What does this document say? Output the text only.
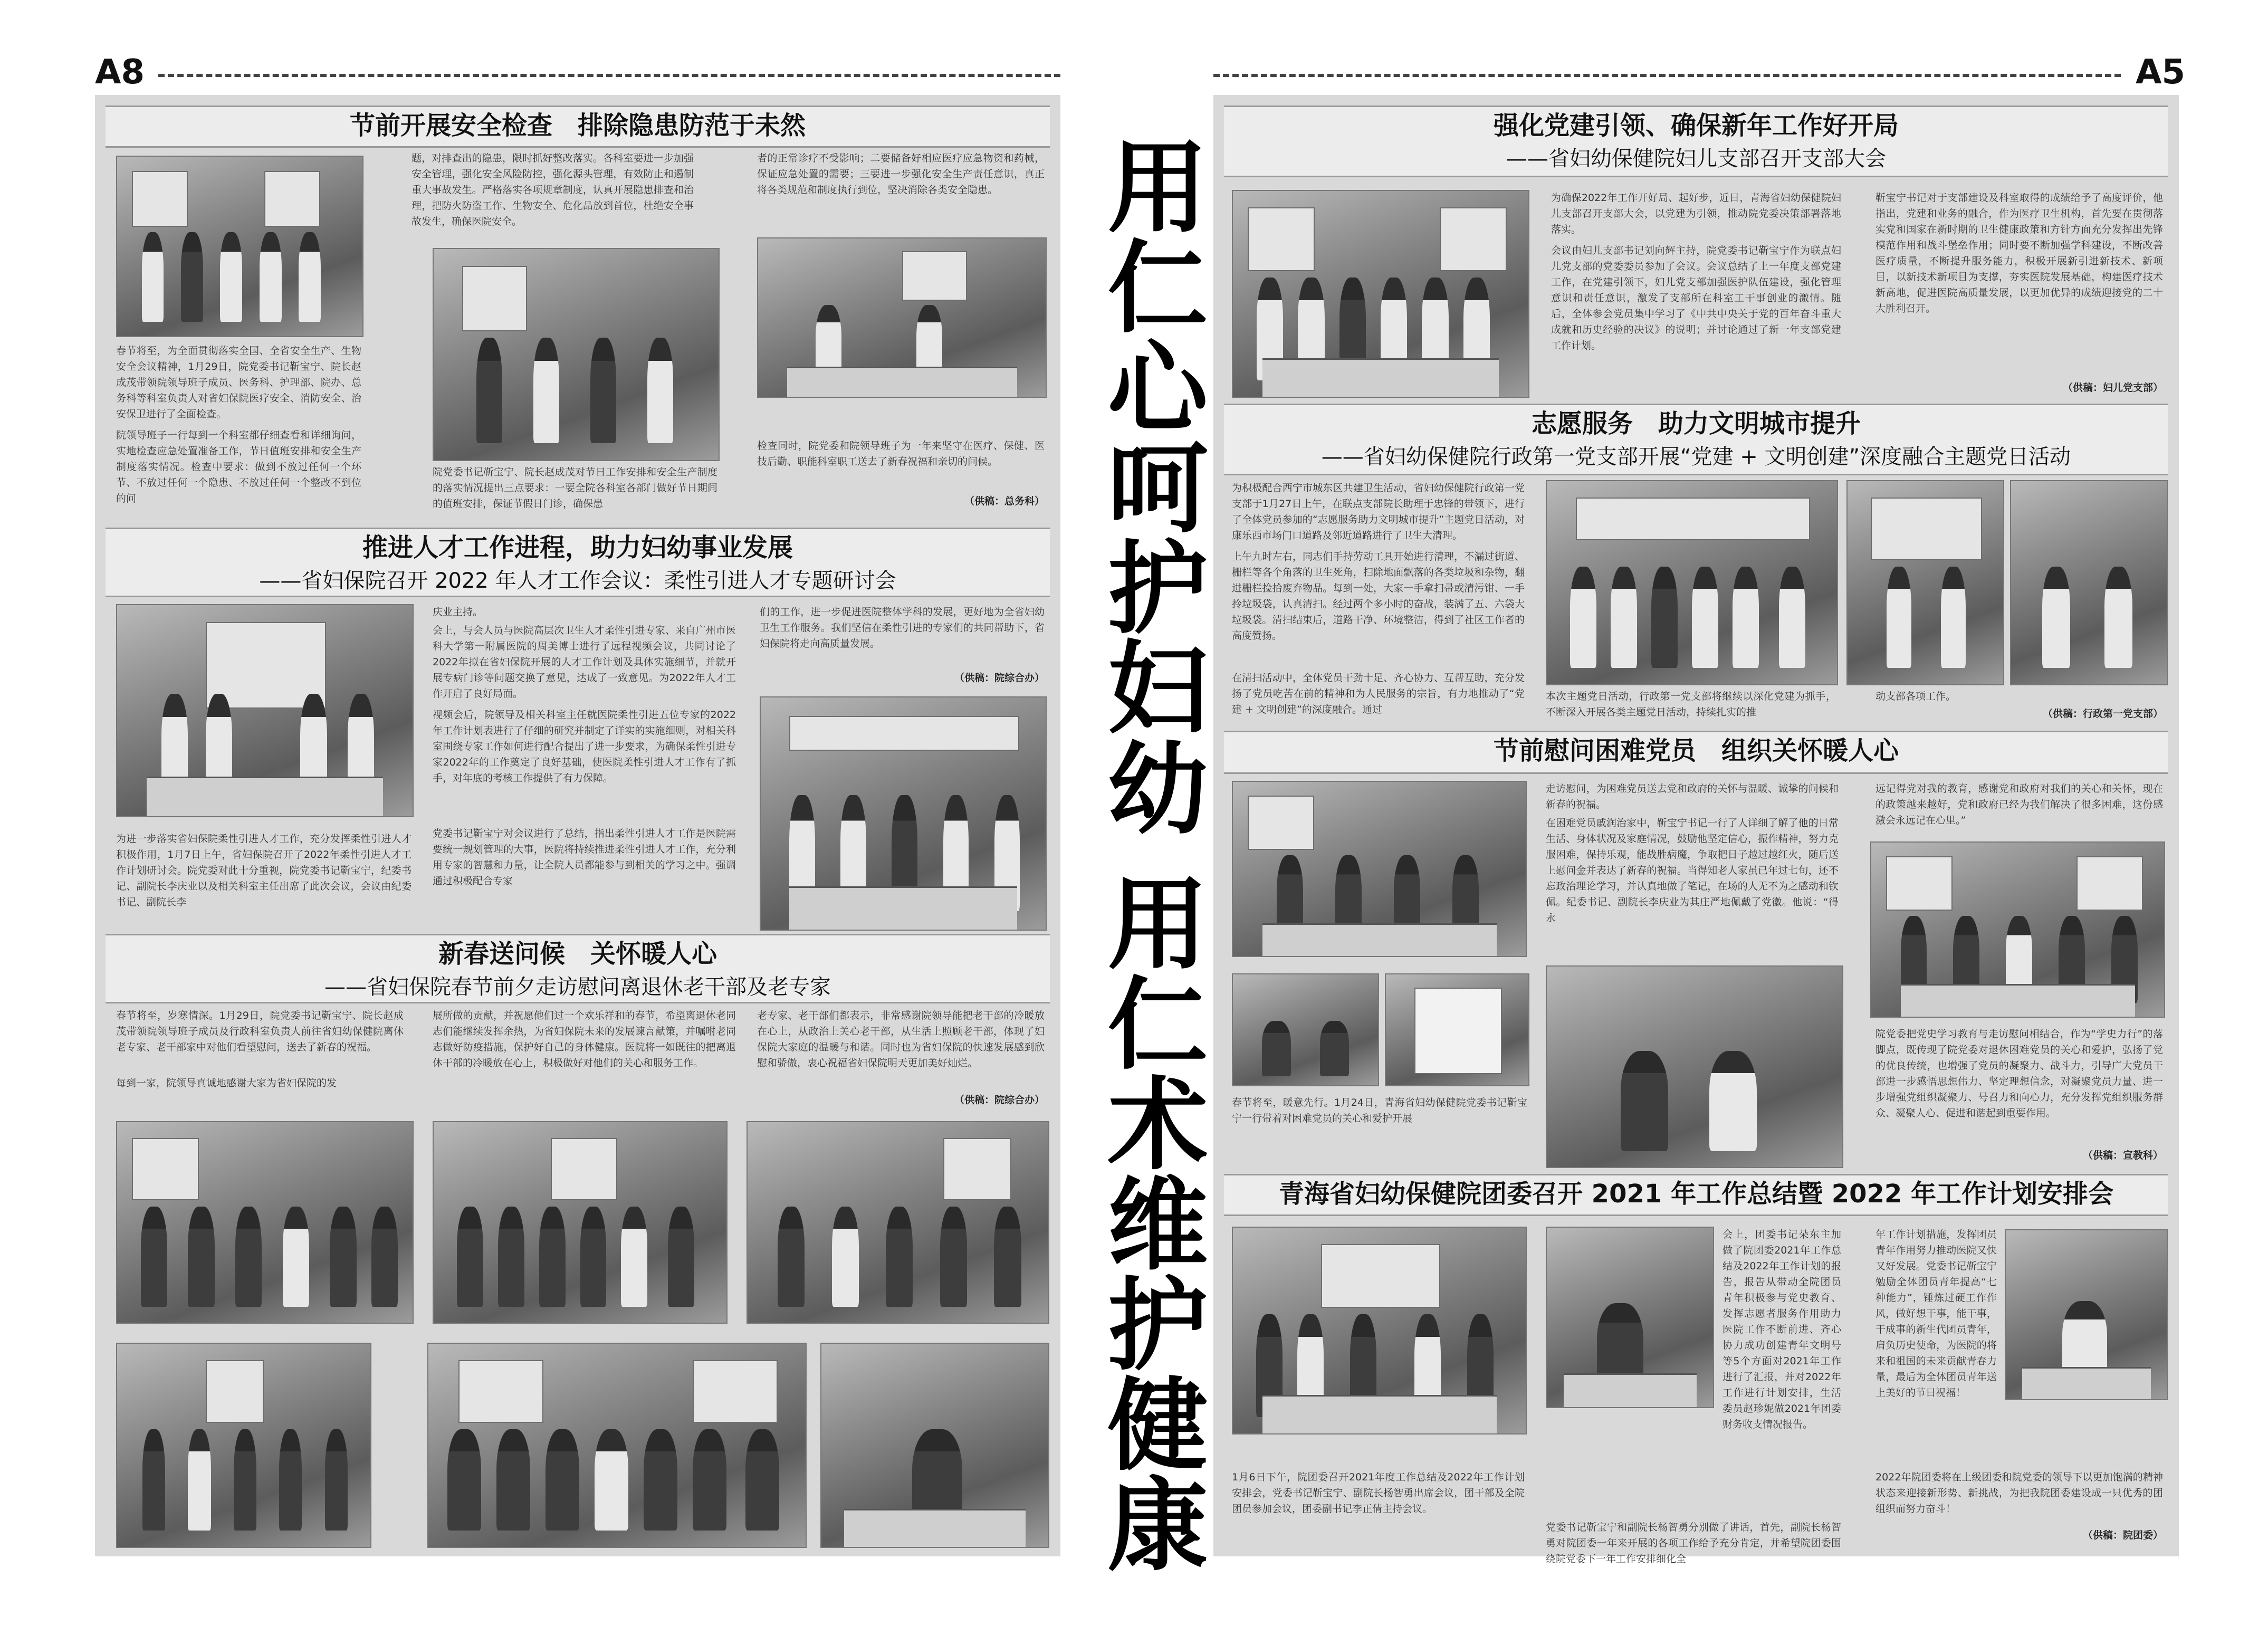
A8	A5
节前开展安全检查　排除隐患防范于未然
春节将至，为全面贯彻落实全国、全省安全生产、生物安全会议精神，1月29日，院党委书记靳宝宁、院长赵成茂带领院领导班子成员、医务科、护理部、院办、总务科等科室负责人对省妇保院医疗安全、消防安全、治安保卫进行了全面检查。
院领导班子一行每到一个科室都仔细查看和详细询问，实地检查应急处置准备工作，节日值班安排和安全生产制度落实情况。检查中要求：做到不放过任何一个环节、不放过任何一个隐患、不放过任何一个整改不到位的问
题，对排查出的隐患，限时抓好整改落实。各科室要进一步加强安全管理，强化安全风险防控，强化源头管理，有效防止和遏制重大事故发生。严格落实各项规章制度，认真开展隐患排查和治理，把防火防盗工作、生物安全、危化品放到首位，杜绝安全事故发生，确保医院安全。
院党委书记靳宝宁、院长赵成茂对节日工作安排和安全生产制度的落实情况提出三点要求：一要全院各科室各部门做好节日期间的值班安排，保证节假日门诊，确保患
者的正常诊疗不受影响；二要储备好相应医疗应急物资和药械，保证应急处置的需要；三要进一步强化安全生产责任意识，真正将各类规范和制度执行到位，坚决消除各类安全隐患。
检查同时，院党委和院领导班子为一年来坚守在医疗、保健、医技后勤、职能科室职工送去了新春祝福和亲切的问候。
（供稿：总务科）
推进人才工作进程，助力妇幼事业发展
——省妇保院召开 2022 年人才工作会议：柔性引进人才专题研讨会
为进一步落实省妇保院柔性引进人才工作，充分发挥柔性引进人才积极作用，1月7日上午，省妇保院召开了2022年柔性引进人才工作计划研讨会。院党委对此十分重视，院党委书记靳宝宁，纪委书记、副院长李庆业以及相关科室主任出席了此次会议，会议由纪委书记、副院长李
庆业主持。
会上，与会人员与医院高层次卫生人才柔性引进专家、来自广州市医科大学第一附属医院的周美博士进行了远程视频会议，共同讨论了2022年拟在省妇保院开展的人才工作计划及具体实施细节，并就开展专病门诊等问题交换了意见，达成了一致意见。为2022年人才工作开启了良好局面。
视频会后，院领导及相关科室主任就医院柔性引进五位专家的2022年工作计划表进行了仔细的研究并制定了详实的实施细则，对相关科室围绕专家工作如何进行配合提出了进一步要求，为确保柔性引进专家2022年的工作奠定了良好基础，使医院柔性引进人才工作有了抓手，对年底的考核工作提供了有力保障。
党委书记靳宝宁对会议进行了总结，指出柔性引进人才工作是医院需要统一规划管理的大事，医院将持续推进柔性引进人才工作，充分利用专家的智慧和力量，让全院人员都能参与到相关的学习之中。强调通过积极配合专家
们的工作，进一步促进医院整体学科的发展，更好地为全省妇幼卫生工作服务。我们坚信在柔性引进的专家们的共同帮助下，省妇保院将走向高质量发展。
（供稿：院综合办）
新春送问候　关怀暖人心
——省妇保院春节前夕走访慰问离退休老干部及老专家
春节将至，岁寒情深。1月29日，院党委书记靳宝宁、院长赵成茂带领院领导班子成员及行政科室负责人前往省妇幼保健院离休老专家、老干部家中对他们看望慰问，送去了新春的祝福。
每到一家，院领导真诚地感谢大家为省妇保院的发
展所做的贡献，并祝愿他们过一个欢乐祥和的春节，希望离退休老同志们能继续发挥余热，为省妇保院未来的发展谏言献策，并嘱咐老同志做好防疫措施，保护好自己的身体健康。医院将一如既往的把离退休干部的冷暖放在心上，积极做好对他们的关心和服务工作。
老专家、老干部们都表示，非常感谢院领导能把老干部的冷暖放在心上，从政治上关心老干部，从生活上照顾老干部，体现了妇保院大家庭的温暖与和谐。同时也为省妇保院的快速发展感到欣慰和骄傲，衷心祝福省妇保院明天更加美好灿烂。
（供稿：院综合办） 用仁心呵护妇幼 用仁术维护健康
强化党建引领、确保新年工作好开局
——省妇幼保健院妇儿支部召开支部大会
为确保2022年工作开好局、起好步，近日，青海省妇幼保健院妇儿支部召开支部大会，以党建为引领，推动院党委决策部署落地落实。
会议由妇儿支部书记刘向辉主持，院党委书记靳宝宁作为联点妇儿党支部的党委委员参加了会议。会议总结了上一年度支部党建工作，在党建引领下，妇儿党支部加强医护队伍建设，强化管理意识和责任意识，激发了支部所在科室工干事创业的激情。随后，全体参会党员集中学习了《中共中央关于党的百年奋斗重大成就和历史经验的决议》的说明；并讨论通过了新一年支部党建工作计划。
靳宝宁书记对于支部建设及科室取得的成绩给予了高度评价，他指出，党建和业务的融合，作为医疗卫生机构，首先要在贯彻落实党和国家在新时期的卫生健康政策和方针方面充分发挥出先锋模范作用和战斗堡垒作用；同时要不断加强学科建设，不断改善医疗质量，不断提升服务能力，积极开展新引进新技术、新项目，以新技术新项目为支撑，夯实医院发展基础，构建医疗技术新高地，促进医院高质量发展，以更加优异的成绩迎接党的二十大胜利召开。
（供稿：妇儿党支部）
志愿服务　助力文明城市提升
——省妇幼保健院行政第一党支部开展“党建 + 文明创建”深度融合主题党日活动
为积极配合西宁市城东区共建卫生活动，省妇幼保健院行政第一党支部于1月27日上午，在联点支部院长助理于忠锋的带领下，进行了全体党员参加的“志愿服务助力文明城市提升”主题党日活动，对康乐西市场门口道路及邻近道路进行了卫生大清理。
上午九时左右，同志们手持劳动工具开始进行清理，不漏过街道、栅栏等各个角落的卫生死角，扫除地面飘落的各类垃圾和杂物，翻进栅栏捡拾废弃物品。每到一处，大家一手拿扫帚或清污钳、一手拎垃圾袋，认真清扫。经过两个多小时的奋战，装满了五、六袋大垃圾袋。清扫结束后，道路干净、环境整洁，得到了社区工作者的高度赞扬。
在清扫活动中，全体党员干劲十足、齐心协力、互帮互助，充分发扬了党员吃苦在前的精神和为人民服务的宗旨，有力地推动了“党建 + 文明创建”的深度融合。通过
本次主题党日活动，行政第一党支部将继续以深化党建为抓手，不断深入开展各类主题党日活动，持续扎实的推
动支部各项工作。
（供稿：行政第一党支部）
节前慰问困难党员　组织关怀暖人心
走访慰问，为困难党员送去党和政府的关怀与温暖、诚挚的问候和新春的祝福。
在困难党员戚润治家中，靳宝宁书记一行了人详细了解了他的日常生活、身体状况及家庭情况，鼓励他坚定信心，振作精神，努力克服困难，保持乐观，能战胜病魔，争取把日子越过越红火，随后送上慰问金并表达了新春的祝福。当得知老人家虽已年过七旬，还不忘政治理论学习，并认真地做了笔记，在场的人无不为之感动和钦佩。纪委书记、副院长李庆业为其庄严地佩戴了党徽。他说：“得永
远记得党对我的教育，感谢党和政府对我们的关心和关怀，现在的政策越来越好，党和政府已经为我们解决了很多困难，这份感激会永远记在心里。”
春节将至，暖意先行。1月24日，青海省妇幼保健院党委书记靳宝宁一行带着对困难党员的关心和爱护开展
院党委把党史学习教育与走访慰问相结合，作为“学史力行”的落脚点，既传现了院党委对退休困难党员的关心和爱护，弘扬了党的优良传统，也增强了党员的凝聚力、战斗力，引导广大党员干部进一步感悟思想伟力、坚定理想信念，对凝聚党员力量、进一步增强党组织凝聚力、号召力和向心力，充分发挥党组织服务群众、凝聚人心、促进和谐起到重要作用。
（供稿：宣教科）
青海省妇幼保健院团委召开 2021 年工作总结暨 2022 年工作计划安排会
1月6日下午，院团委召开2021年度工作总结及2022年工作计划安排会，党委书记靳宝宁、副院长杨智勇出席会议，团干部及全院团员参加会议，团委副书记李正倩主持会议。
会上，团委书记朵东主加做了院团委2021年工作总结及2022年工作计划的报告，报告从带动全院团员青年积极参与党史教育、发挥志愿者服务作用助力医院工作不断前进、齐心协力成功创建青年文明号等5个方面对2021年工作进行了汇报，并对2022年工作进行计划安排，生活委员赵珍妮做2021年团委财务收支情况报告。
党委书记靳宝宁和副院长杨智勇分别做了讲话，首先，副院长杨智勇对院团委一年来开展的各项工作给予充分肯定，并希望院团委围绕院党委下一年工作安排细化全
年工作计划措施，发挥团员青年作用努力推动医院又快又好发展。党委书记靳宝宁勉励全体团员青年提高“七种能力”，锤炼过硬工作作风，做好想干事，能干事，干成事的新生代团员青年，肩负历史使命，为医院的将来和祖国的未来贡献青春力量，最后为全体团员青年送上美好的节日祝福！
2022年院团委将在上级团委和院党委的领导下以更加饱满的精神状态来迎接新形势、新挑战，为把我院团委建设成一只优秀的团组织而努力奋斗！
（供稿：院团委）
